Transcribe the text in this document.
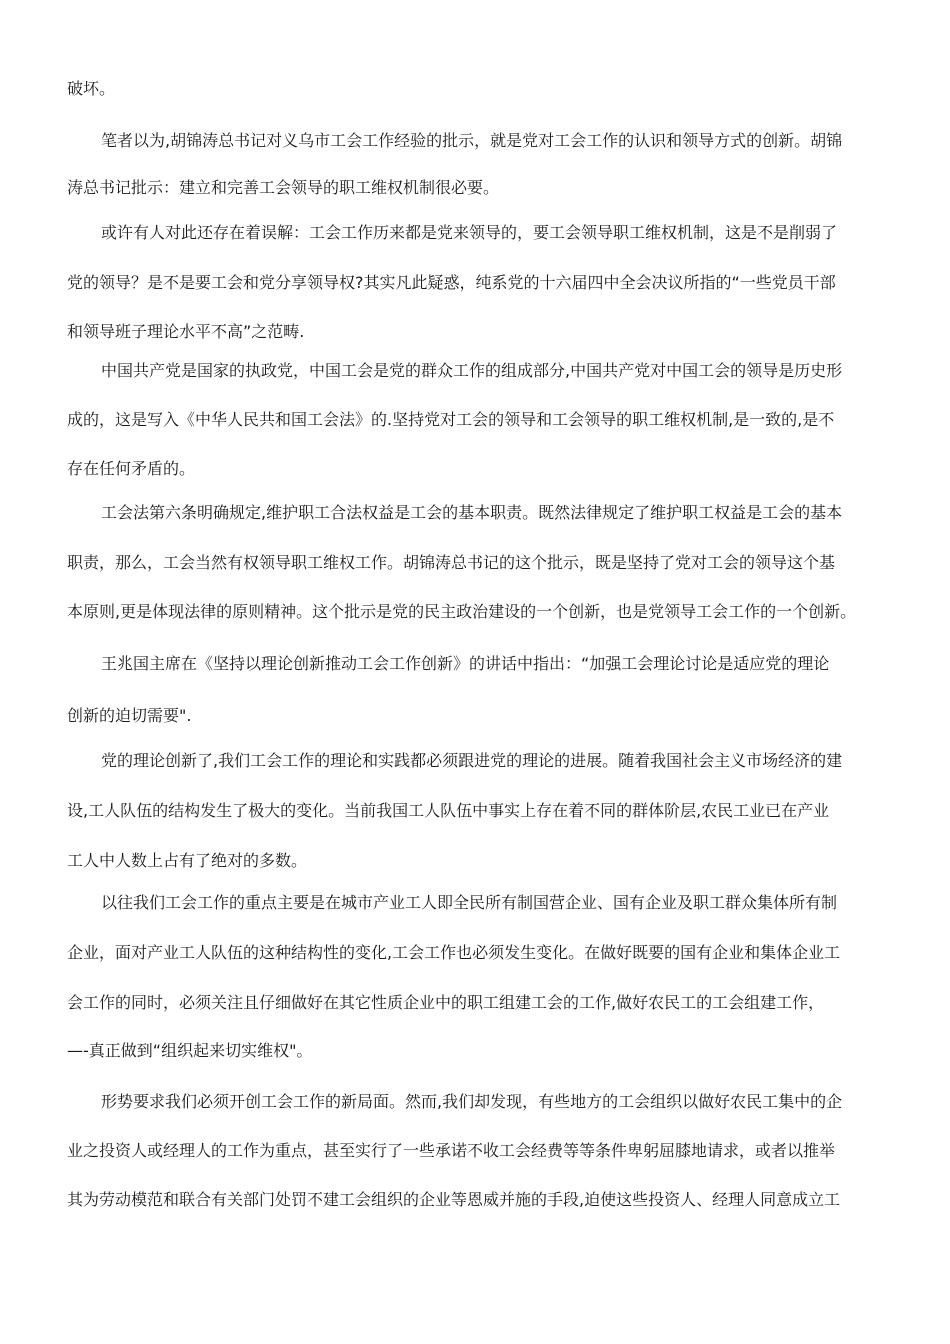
破坏。
笔者以为,胡锦涛总书记对义乌市工会工作经验的批示，就是党对工会工作的认识和领导方式的创新。胡锦
涛总书记批示：建立和完善工会领导的职工维权机制很必要。
或许有人对此还存在着误解：工会工作历来都是党来领导的，要工会领导职工维权机制，这是不是削弱了
党的领导？是不是要工会和党分享领导权?其实凡此疑惑，纯系党的十六届四中全会决议所指的“一些党员干部
和领导班子理论水平不高”之范畴.
中国共产党是国家的执政党，中国工会是党的群众工作的组成部分,中国共产党对中国工会的领导是历史形
成的，这是写入《中华人民共和国工会法》的.坚持党对工会的领导和工会领导的职工维权机制,是一致的,是不
存在任何矛盾的。
工会法第六条明确规定,维护职工合法权益是工会的基本职责。既然法律规定了维护职工权益是工会的基本
职责，那么，工会当然有权领导职工维权工作。胡锦涛总书记的这个批示，既是坚持了党对工会的领导这个基
本原则,更是体现法律的原则精神。这个批示是党的民主政治建设的一个创新，也是党领导工会工作的一个创新。
王兆国主席在《坚持以理论创新推动工会工作创新》的讲话中指出：“加强工会理论讨论是适应党的理论
创新的迫切需要".
党的理论创新了,我们工会工作的理论和实践都必须跟进党的理论的进展。随着我国社会主义市场经济的建
设,工人队伍的结构发生了极大的变化。当前我国工人队伍中事实上存在着不同的群体阶层,农民工业已在产业
工人中人数上占有了绝对的多数。
以往我们工会工作的重点主要是在城市产业工人即全民所有制国营企业、国有企业及职工群众集体所有制
企业，面对产业工人队伍的这种结构性的变化,工会工作也必须发生变化。在做好既要的国有企业和集体企业工
会工作的同时，必须关注且仔细做好在其它性质企业中的职工组建工会的工作,做好农民工的工会组建工作，
—-真正做到“组织起来切实维权"。
形势要求我们必须开创工会工作的新局面。然而,我们却发现，有些地方的工会组织以做好农民工集中的企
业之投资人或经理人的工作为重点，甚至实行了一些承诺不收工会经费等等条件卑躬屈膝地请求，或者以推举
其为劳动模范和联合有关部门处罚不建工会组织的企业等恩威并施的手段,迫使这些投资人、经理人同意成立工
